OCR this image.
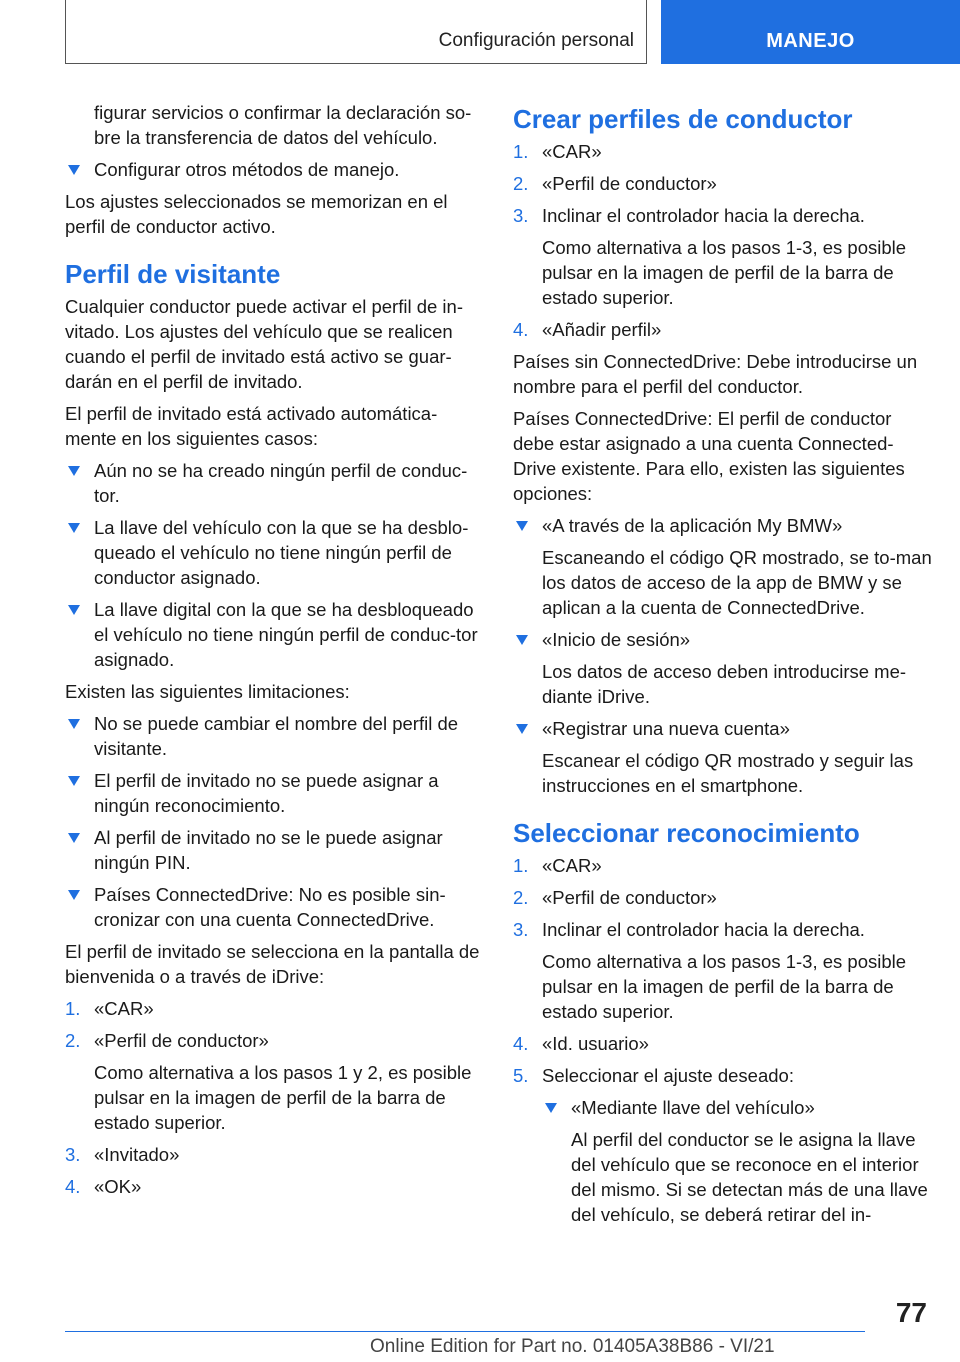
Configuración personal	MANEJO

figurar servicios o confirmar la declaración so-bre la transferencia de datos del vehículo.

Configurar otros métodos de manejo.

Los ajustes seleccionados se memorizan en el perfil de conductor activo.

Perfil de visitante

Cualquier conductor puede activar el perfil de in-vitado. Los ajustes del vehículo que se realicen cuando el perfil de invitado está activo se guar-darán en el perfil de invitado.

El perfil de invitado está activado automática-mente en los siguientes casos:

Aún no se ha creado ningún perfil de conduc-tor.
La llave del vehículo con la que se ha desblo-queado el vehículo no tiene ningún perfil de conductor asignado.
La llave digital con la que se ha desbloqueado el vehículo no tiene ningún perfil de conduc-tor asignado.

Existen las siguientes limitaciones:

No se puede cambiar el nombre del perfil de visitante.
El perfil de invitado no se puede asignar a ningún reconocimiento.
Al perfil de invitado no se le puede asignar ningún PIN.
Países ConnectedDrive: No es posible sin-cronizar con una cuenta ConnectedDrive.

El perfil de invitado se selecciona en la pantalla de bienvenida o a través de iDrive:

1. «CAR»
2. «Perfil de conductor»

Como alternativa a los pasos 1 y 2, es posible pulsar en la imagen de perfil de la barra de estado superior.

3. «Invitado»
4. «OK»
Crear perfiles de conductor
1. «CAR»
2. «Perfil de conductor»
3. Inclinar el controlador hacia la derecha.

Como alternativa a los pasos 1-3, es posible pulsar en la imagen de perfil de la barra de estado superior.

4. «Añadir perfil»

Países sin ConnectedDrive: Debe introducirse un nombre para el perfil del conductor.

Países ConnectedDrive: El perfil de conductor debe estar asignado a una cuenta Connected-Drive existente. Para ello, existen las siguientes opciones:

«A través de la aplicación My BMW»

Escaneando el código QR mostrado, se to-man los datos de acceso de la app de BMW y se aplican a la cuenta de ConnectedDrive.

«Inicio de sesión»

Los datos de acceso deben introducirse me-diante iDrive.

«Registrar una nueva cuenta»

Escanear el código QR mostrado y seguir las instrucciones en el smartphone.

Seleccionar reconocimiento
1. «CAR»
2. «Perfil de conductor»
3. Inclinar el controlador hacia la derecha.

Como alternativa a los pasos 1-3, es posible pulsar en la imagen de perfil de la barra de estado superior.

4. «Id. usuario»
5. Seleccionar el ajuste deseado:
«Mediante llave del vehículo»

Al perfil del conductor se le asigna la llave del vehículo que se reconoce en el interior del mismo. Si se detectan más de una llave del vehículo, se deberá retirar del in-

77
Online Edition for Part no. 01405A38B86 - VI/21
